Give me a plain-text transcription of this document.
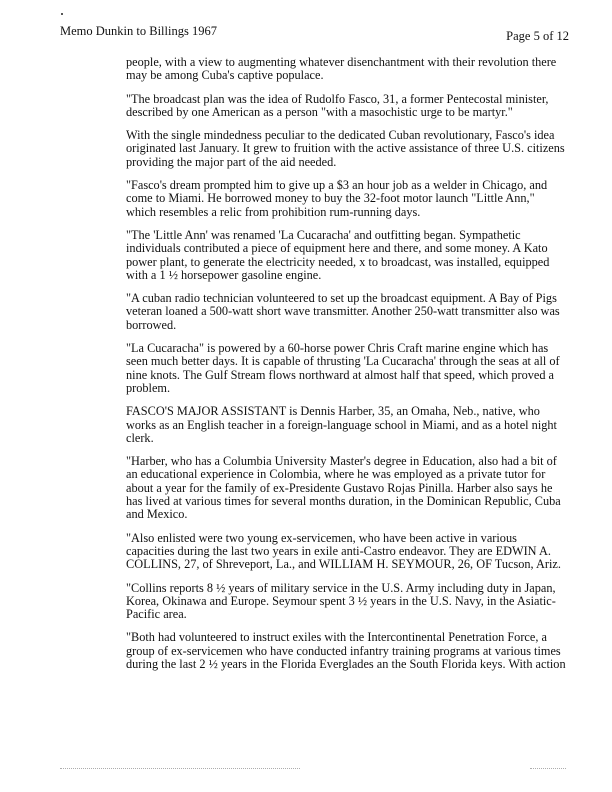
Memo Dunkin to Billings 1967	Page 5 of 12

people, with a view to augmenting whatever disenchantment with their revolution there may be among Cuba's captive populace.

"The broadcast plan was the idea of Rudolfo Fasco, 31, a former Pentecostal minister, described by one American as a person "with a masochistic urge to be martyr."

With the single mindedness peculiar to the dedicated Cuban revolutionary, Fasco's idea originated last January. It grew to fruition with the active assistance of three U.S. citizens providing the major part of the aid needed.

"Fasco's dream prompted him to give up a $3 an hour job as a welder in Chicago, and come to Miami. He borrowed money to buy the 32-foot motor launch "Little Ann," which resembles a relic from prohibition rum-running days.

"The 'Little Ann' was renamed 'La Cucaracha' and outfitting began. Sympathetic individuals contributed a piece of equipment here and there, and some money. A Kato power plant, to generate the electricity needed, x to broadcast, was installed, equipped with a 1 ½ horsepower gasoline engine.

"A cuban radio technician volunteered to set up the broadcast equipment. A Bay of Pigs veteran loaned a 500-watt short wave transmitter. Another 250-watt transmitter also was borrowed.

"La Cucaracha" is powered by a 60-horse power Chris Craft marine engine which has seen much better days. It is capable of thrusting 'La Cucaracha' through the seas at all of nine knots. The Gulf Stream flows northward at almost half that speed, which proved a problem.

FASCO'S MAJOR ASSISTANT is Dennis Harber, 35, an Omaha, Neb., native, who works as an English teacher in a foreign-language school in Miami, and as a hotel night clerk.

"Harber, who has a Columbia University Master's degree in Education, also had a bit of an educational experience in Colombia, where he was employed as a private tutor for about a year for the family of ex-Presidente Gustavo Rojas Pinilla. Harber also says he has lived at various times for several months duration, in the Dominican Republic, Cuba and Mexico.

"Also enlisted were two young ex-servicemen, who have been active in various capacities during the last two years in exile anti-Castro endeavor. They are EDWIN A. COLLINS, 27, of Shreveport, La., and WILLIAM H. SEYMOUR, 26, OF Tucson, Ariz.

"Collins reports 8 ½ years of military service in the U.S. Army including duty in Japan, Korea, Okinawa and Europe. Seymour spent 3 ½ years in the U.S. Navy, in the Asiatic-Pacific area.

"Both had volunteered to instruct exiles with the Intercontinental Penetration Force, a group of ex-servicemen who have conducted infantry training programs at various times during the last 2 ½ years in the Florida Everglades an the South Florida keys. With action
